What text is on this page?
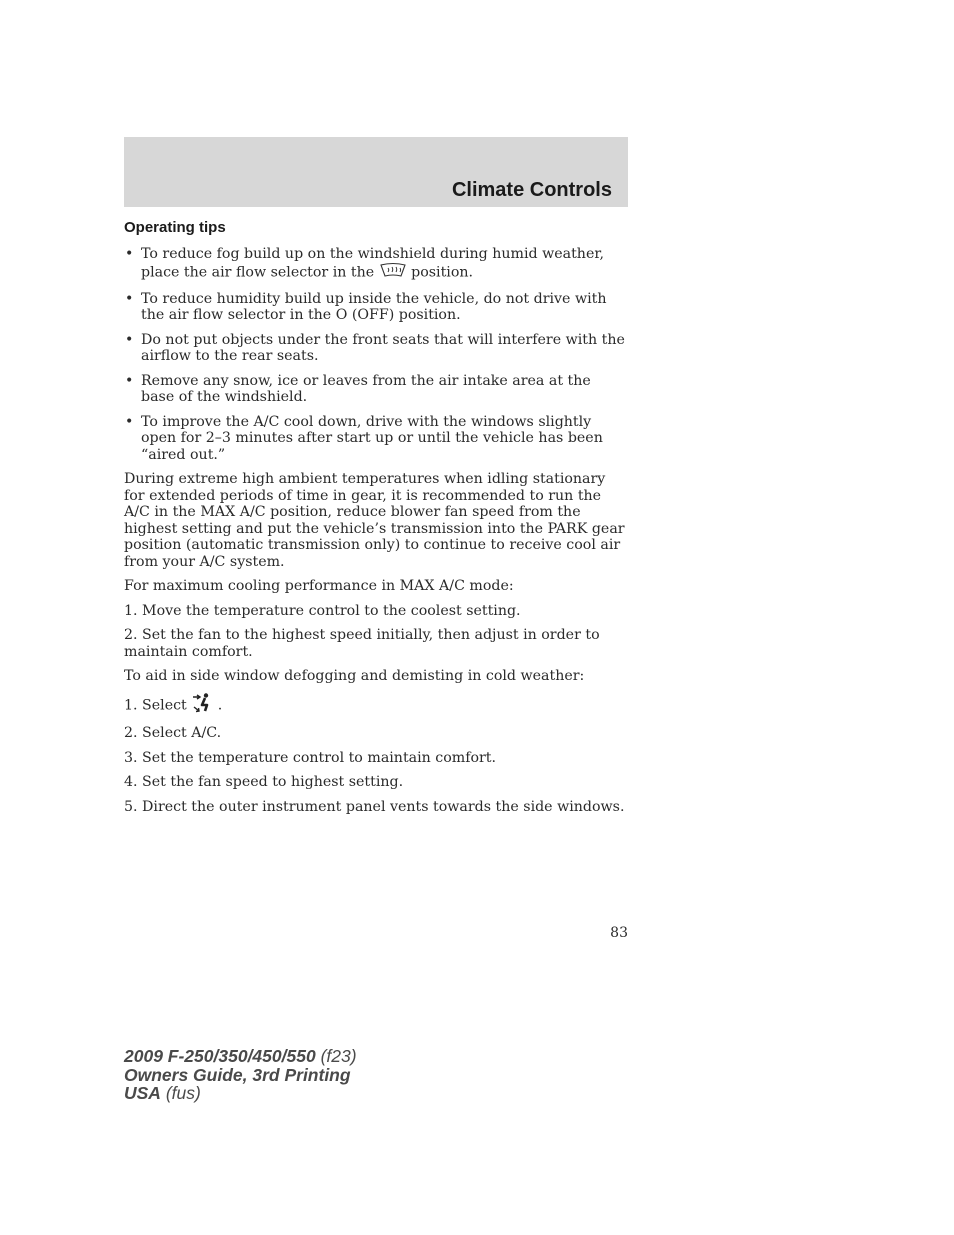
Climate Controls
Operating tips
• To reduce fog build up on the windshield during humid weather, place the air flow selector in the  position.
• To reduce humidity build up inside the vehicle, do not drive with the air flow selector in the O (OFF) position.
• Do not put objects under the front seats that will interfere with the airflow to the rear seats.
• Remove any snow, ice or leaves from the air intake area at the base of the windshield.
• To improve the A/C cool down, drive with the windows slightly open for 2–3 minutes after start up or until the vehicle has been “aired out.”

During extreme high ambient temperatures when idling stationary for extended periods of time in gear, it is recommended to run the A/C in the MAX A/C position, reduce blower fan speed from the highest setting and put the vehicle’s transmission into the PARK gear position (automatic transmission only) to continue to receive cool air from your A/C system.

For maximum cooling performance in MAX A/C mode:

1. Move the temperature control to the coolest setting.

2. Set the fan to the highest speed initially, then adjust in order to maintain comfort.

To aid in side window defogging and demisting in cold weather:

1. Select  .

2. Select A/C.

3. Set the temperature control to maintain comfort.

4. Set the fan speed to highest setting.

5. Direct the outer instrument panel vents towards the side windows.

83
2009 F-250/350/450/550 (f23)
Owners Guide, 3rd Printing
USA (fus)
